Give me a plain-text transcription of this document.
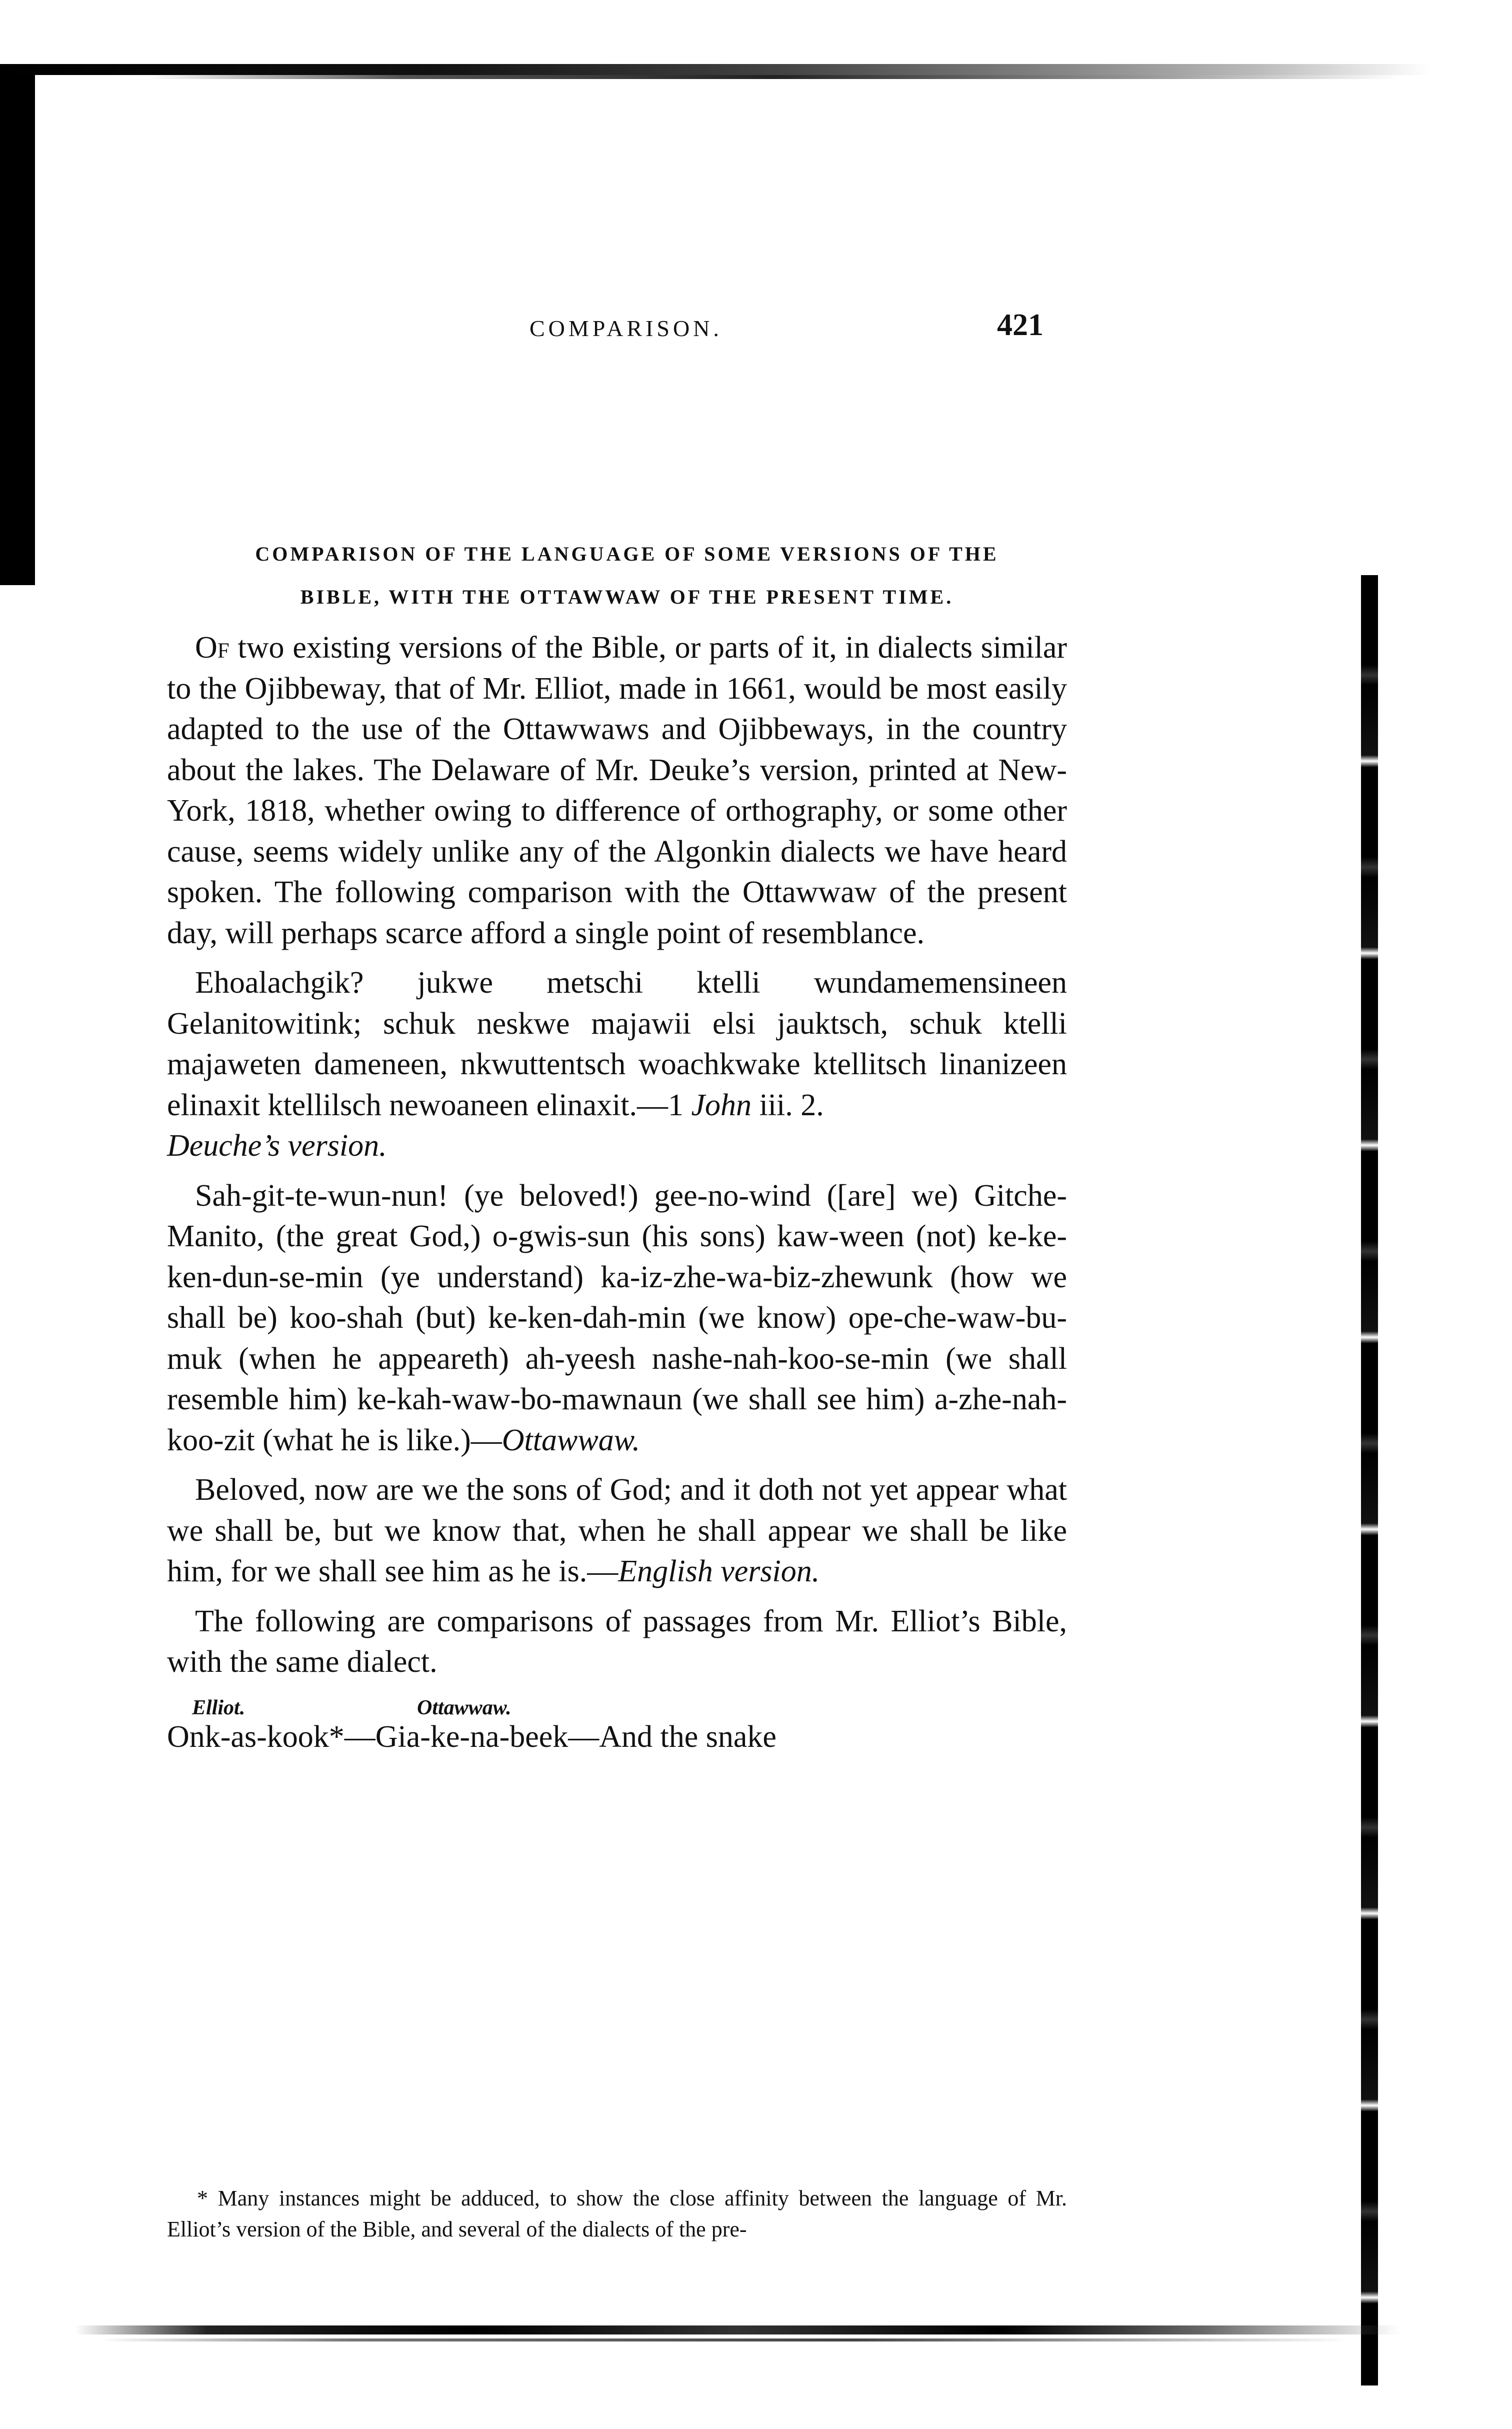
COMPARISON.	421
COMPARISON OF THE LANGUAGE OF SOME VERSIONS OF THE
BIBLE, WITH THE OTTAWWAW OF THE PRESENT TIME.

Of two existing versions of the Bible, or parts of it, in dialects similar to the Ojibbeway, that of Mr. Elliot, made in 1661, would be most easily adapted to the use of the Ottawwaws and Ojibbeways, in the country about the lakes. The Delaware of Mr. Deuke’s version, printed at New-York, 1818, whether owing to difference of orthography, or some other cause, seems widely unlike any of the Algonkin dialects we have heard spoken. The following comparison with the Ottawwaw of the present day, will perhaps scarce afford a single point of resemblance.

Ehoalachgik? jukwe metschi ktelli wundamemensineen Gelanitowitink; schuk neskwe majawii elsi jauktsch, schuk ktelli majaweten dameneen, nkwuttentsch woachkwake ktellitsch linanizeen elinaxit ktellilsch newoaneen elinaxit.—1 John iii. 2.
Deuche’s version.

Sah-git-te-wun-nun! (ye beloved!) gee-no-wind ([are] we) Gitche-Manito, (the great God,) o-gwis-sun (his sons) kaw-ween (not) ke-ke-ken-dun-se-min (ye understand) ka-iz-zhe-wa-biz-zhewunk (how we shall be) koo-shah (but) ke-ken-dah-min (we know) ope-che-waw-bu-muk (when he appeareth) ah-yeesh nashe-nah-koo-se-min (we shall resemble him) ke-kah-waw-bo-mawnaun (we shall see him) a-zhe-nah-koo-zit (what he is like.)—Ottawwaw.

Beloved, now are we the sons of God; and it doth not yet appear what we shall be, but we know that, when he shall appear we shall be like him, for we shall see him as he is.—English version.

The following are comparisons of passages from Mr. Elliot’s Bible, with the same dialect.

Elliot.	Ottawwaw.
Onk-as-kook*—Gia-ke-na-beek—And the snake

* Many instances might be adduced, to show the close affinity between the language of Mr. Elliot’s version of the Bible, and several of the dialects of the pre-
